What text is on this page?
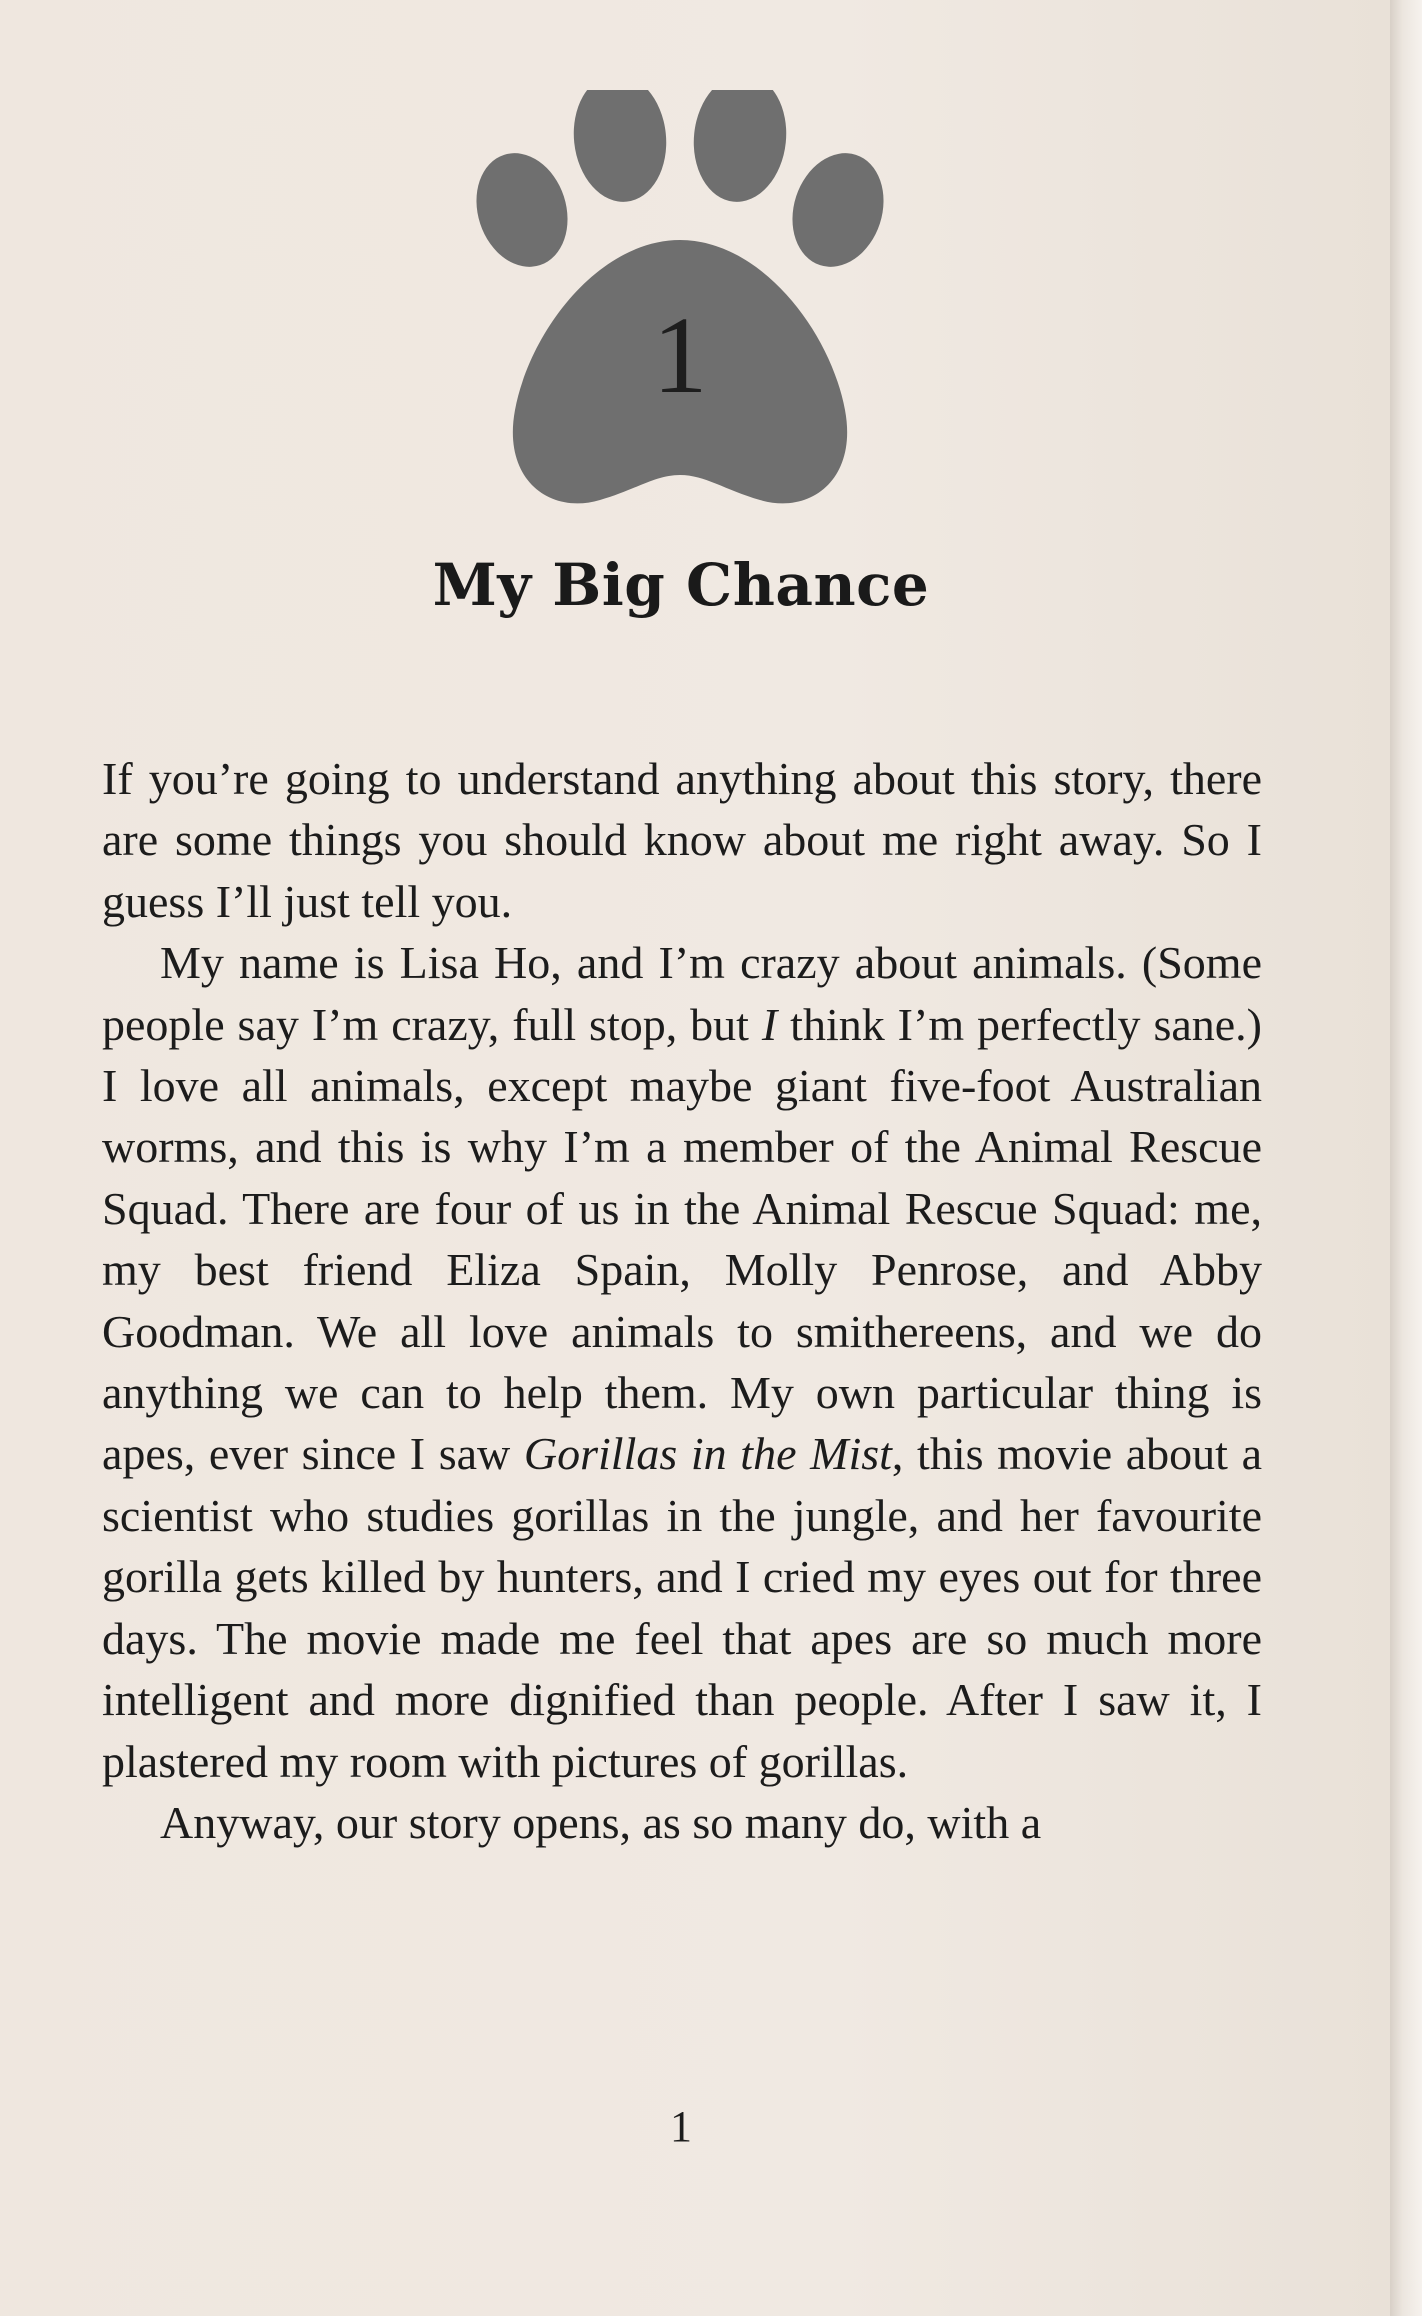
1
My Big Chance

If you’re going to understand anything about this story, there are some things you should know about me right away. So I guess I’ll just tell you.

My name is Lisa Ho, and I’m crazy about animals. (Some people say I’m crazy, full stop, but I think I’m perfectly sane.) I love all animals, except maybe giant five-foot Australian worms, and this is why I’m a member of the Animal Rescue Squad. There are four of us in the Animal Rescue Squad: me, my best friend Eliza Spain, Molly Penrose, and Abby Goodman. We all love animals to smithereens, and we do anything we can to help them. My own particular thing is apes, ever since I saw Gorillas in the Mist, this movie about a scientist who studies gorillas in the jungle, and her favourite gorilla gets killed by hunters, and I cried my eyes out for three days. The movie made me feel that apes are so much more intelligent and more dignified than people. After I saw it, I plastered my room with pictures of gorillas.

Anyway, our story opens, as so many do, with a

1
